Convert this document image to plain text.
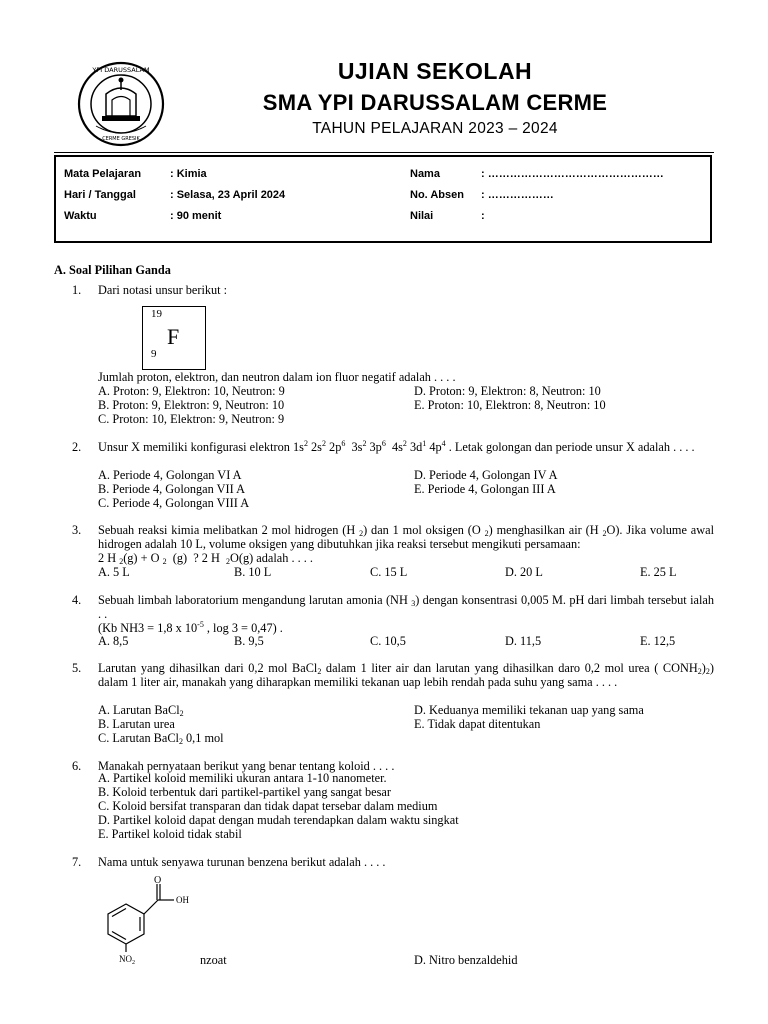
YPI DARUSSALAM
CERME GRESIK
UJIAN SEKOLAH
SMA YPI DARUSSALAM CERME
TAHUN PELAJARAN 2023 – 2024
Mata Pelajaran	: Kimia
Hari / Tanggal	: Selasa, 23 April 2024
Waktu	: 90 menit
Nama	: …………………………………………
No. Absen : ………………
Nilai	:
A. Soal Pilihan Ganda
1. Dari notasi unsur berikut :
19
F
9
Jumlah proton, elektron, dan neutron dalam ion fluor negatif adalah . . . .
A. Proton: 9, Elektron: 10, Neutron: 9
B. Proton: 9, Elektron: 9, Neutron: 10
C. Proton: 10, Elektron: 9, Neutron: 9
D. Proton: 9, Elektron: 8, Neutron: 10
E. Proton: 10, Elektron: 8, Neutron: 10
2. Unsur X memiliki konfigurasi elektron $1s^2$ $2s^2$ $2p^6$  $3s^2$ $3p^6$  $4s^2$ $3d^1$ $4p^4$ . Letak golongan dan periode unsur X adalah . . . .
A. Periode 4, Golongan VI A
B. Periode 4, Golongan VII A
C. Periode 4, Golongan VIII A
D. Periode 4, Golongan IV A
E. Periode 4, Golongan III A
3. Sebuah reaksi kimia melibatkan 2 mol hidrogen (H $_2$) dan 1 mol oksigen (O $_2$) menghasilkan air (H $_2$O). Jika volume awal hidrogen adalah 10 L, volume oksigen yang dibutuhkan jika reaksi tersebut mengikuti persamaan:
2 H $_2$(g) + O $_2$  (g)  ? 2 H  $_2$O(g) adalah . . . .
A. 5 L	B. 10 L	C. 15 L	D. 20 L	E. 25 L
4. Sebuah limbah laboratorium mengandung larutan amonia (NH $_3$) dengan konsentrasi 0,005 M. pH dari limbah tersebut ialah . .
(Kb NH3 = 1,8 x $10^{-5}$ , log 3 = 0,47) .
A. 8,5	B. 9,5	C. 10,5	D. 11,5	E. 12,5
5. Larutan yang dihasilkan dari 0,2 mol BaCl$_2$ dalam 1 liter air dan larutan yang dihasilkan daro 0,2 mol urea ( $CONH_2)_2$) dalam 1 liter air, manakah yang diharapkan memiliki tekanan uap lebih rendah pada suhu yang sama . . . .
A. Larutan BaCl$_2$
B. Larutan urea
C. Larutan BaCl$_2$ 0,1 mol
D. Keduanya memiliki tekanan uap yang sama
E. Tidak dapat ditentukan
6. Manakah pernyataan berikut yang benar tentang koloid . . . .
A. Partikel koloid memiliki ukuran antara 1-10 nanometer.
B. Koloid terbentuk dari partikel-partikel yang sangat besar
C. Koloid bersifat transparan dan tidak dapat tersebar dalam medium
D. Partikel koloid dapat dengan mudah terendapkan dalam waktu singkat
E. Partikel koloid tidak stabil
7. Nama untuk senyawa turunan benzena berikut adalah . . . .
O
OH
$NO_2$	nzoat	D. Nitro benzaldehid
